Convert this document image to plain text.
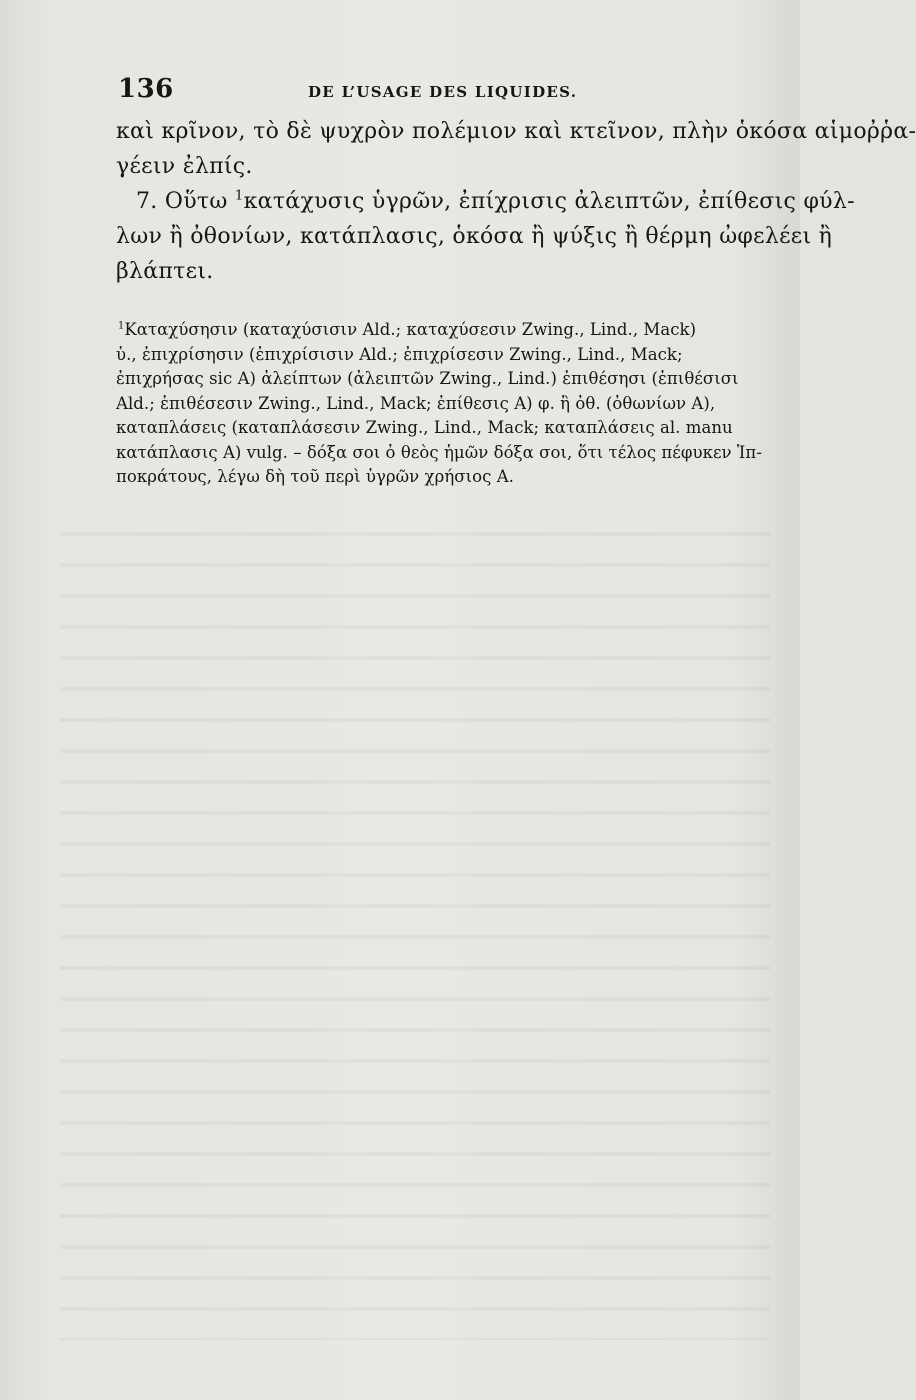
136	DE L’USAGE DES LIQUIDES.
καὶ κρῖνον, τὸ δὲ ψυχρὸν πολέμιον καὶ κτεῖνον, πλὴν ὁκόσα αἱμοῤῥα-
γέειν ἐλπίς.
7. Οὕτω $^1$κατάχυσις ὑγρῶν, ἐπίχρισις ἀλειπτῶν, ἐπίθεσις φύλ-
λων ἢ ὀθονίων, κατάπλασις, ὁκόσα ἢ ψύξις ἢ θέρμη ὠφελέει ἢ
βλάπτει.
$^1$Καταχύσησιν (καταχύσισιν Ald.; καταχύσεσιν Zwing., Lind., Mack)
ὑ., ἐπιχρίσησιν (ἐπιχρίσισιν Ald.; ἐπιχρίσεσιν Zwing., Lind., Mack;
ἐπιχρήσας sic A) ἀλείπτων (ἀλειπτῶν Zwing., Lind.) ἐπιθέσησι (ἐπιθέσισι
Ald.; ἐπιθέσεσιν Zwing., Lind., Mack; ἐπίθεσις A) φ. ἢ ὀθ. (ὀθωνίων A),
καταπλάσεις (καταπλάσεσιν Zwing., Lind., Mack; καταπλάσεις al. manu
κατάπλασις A) vulg. – δόξα σοι ὁ θεὸς ἡμῶν δόξα σοι, ὅτι τέλος πέφυκεν Ἱπ-
ποκράτους, λέγω δὴ τοῦ περὶ ὑγρῶν χρήσιος A.
